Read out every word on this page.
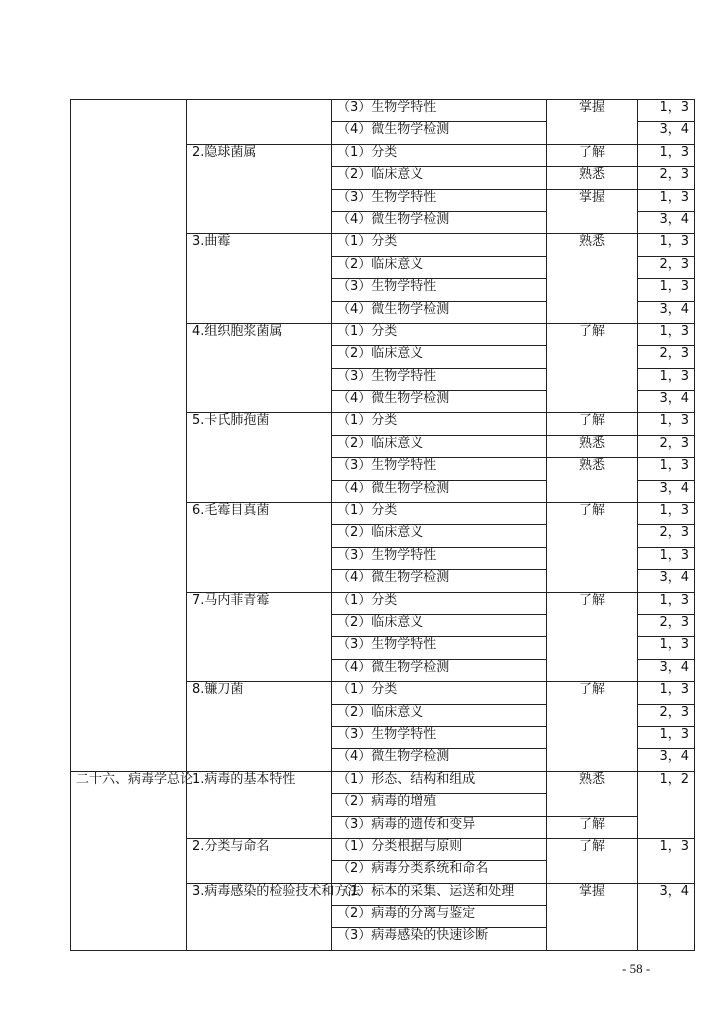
		（3）生物学特性	掌握	1，3
		（4）微生物学检测		3，4
	2.隐球菌属	（1）分类	了解	1，3
		（2）临床意义	熟悉	2，3
		（3）生物学特性	掌握	1，3
		（4）微生物学检测		3，4
	3.曲霉	（1）分类	熟悉	1，3
		（2）临床意义		2，3
		（3）生物学特性		1，3
		（4）微生物学检测		3，4
	4.组织胞浆菌属	（1）分类	了解	1，3
		（2）临床意义		2，3
		（3）生物学特性		1，3
		（4）微生物学检测		3，4
	5.卡氏肺孢菌	（1）分类	了解	1，3
		（2）临床意义	熟悉	2，3
		（3）生物学特性	熟悉	1，3
		（4）微生物学检测		3，4
	6.毛霉目真菌	（1）分类	了解	1，3
		（2）临床意义		2，3
		（3）生物学特性		1，3
		（4）微生物学检测		3，4
	7.马内菲青霉	（1）分类	了解	1，3
		（2）临床意义		2，3
		（3）生物学特性		1，3
		（4）微生物学检测		3，4
	8.镰刀菌	（1）分类	了解	1，3
		（2）临床意义		2，3
		（3）生物学特性		1，3
		（4）微生物学检测		3，4
二十六、病毒学总论	1.病毒的基本特性	（1）形态、结构和组成	熟悉	1，2
		（2）病毒的增殖		
		（3）病毒的遗传和变异	了解	
	2.分类与命名	（1）分类根据与原则	了解	1，3
		（2）病毒分类系统和命名		
	3.病毒感染的检验技术和方法	（1）标本的采集、运送和处理	掌握	3，4
		（2）病毒的分离与鉴定		
		（3）病毒感染的快速诊断		
- 58 -
